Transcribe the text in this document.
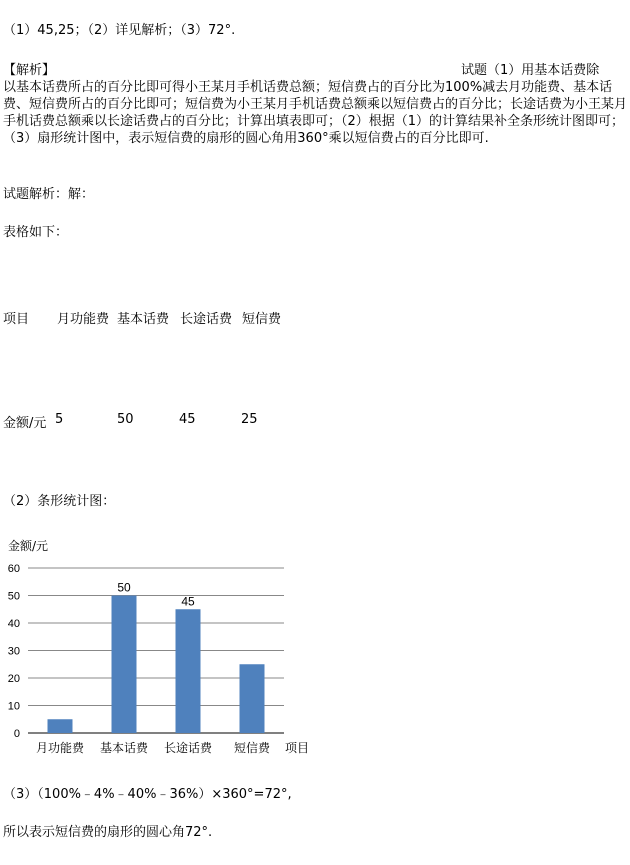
（1）45,25；（2）详见解析；（3）72°.
【解析】	试题（1）用基本话费除
以基本话费所占的百分比即可得小王某月手机话费总额；短信费占的百分比为100%减去月功能费、基本话费、短信费所占的百分比即可；短信费为小王某月手机话费总额乘以短信费占的百分比；长途话费为小王某月手机话费总额乘以长途话费占的百分比；计算出填表即可；（2）根据（1）的计算结果补全条形统计图即可；（3）扇形统计图中，表示短信费的扇形的圆心角用360°乘以短信费占的百分比即可.
试题解析：解：
表格如下：
项目 月功能费 基本话费 长途话费 短信费
金额/元 5	50	45	25
（2）条形统计图：
金额/元
0
10
20
30
40
50
60
50
45
月功能费 基本话费 长途话费 短信费 项目
（3）（100%﹣4%﹣40%﹣36%）×360°=72°,
所以表示短信费的扇形的圆心角72°.
